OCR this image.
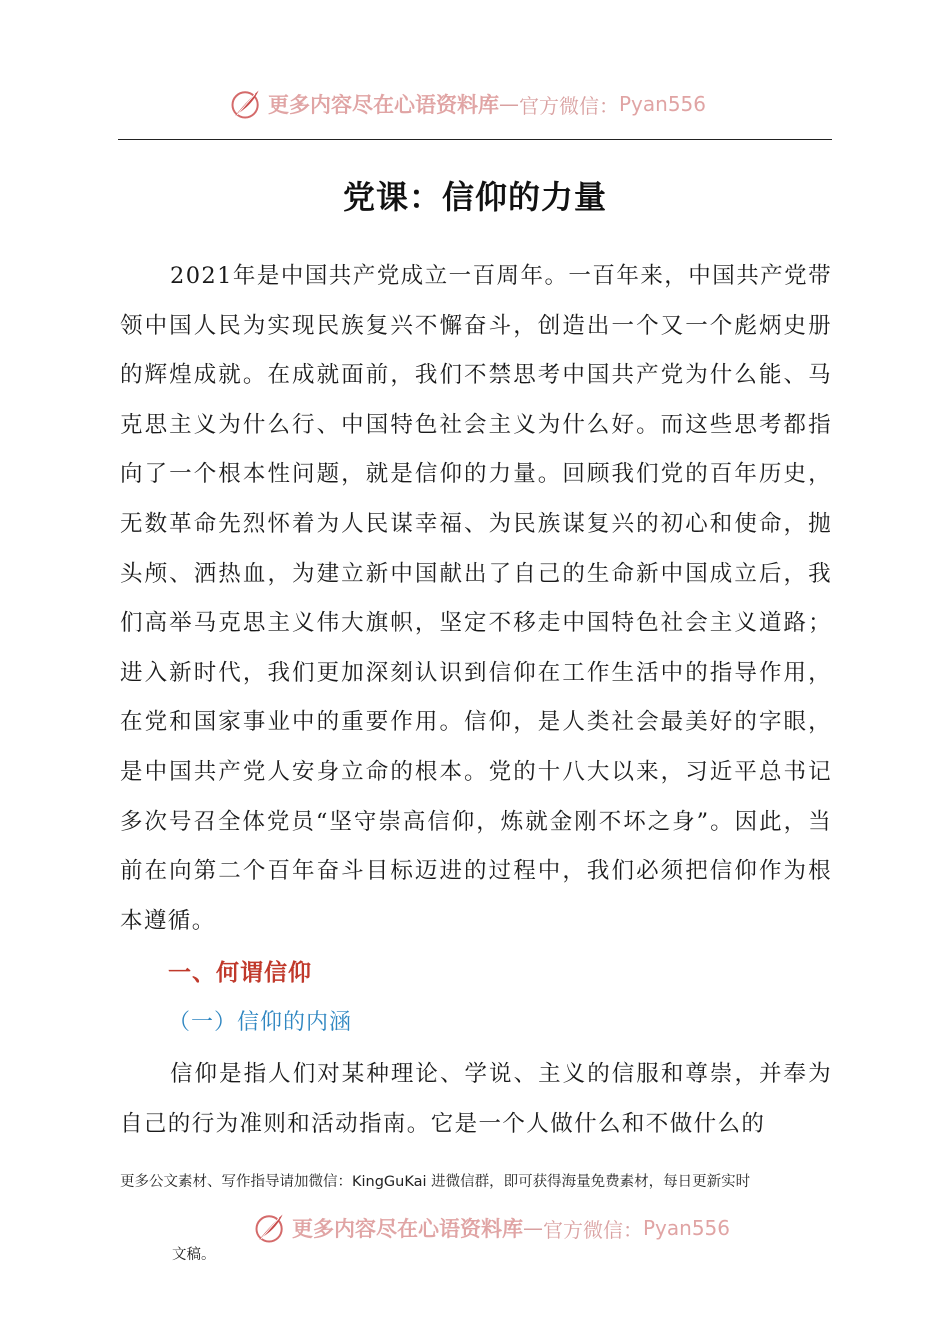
更多内容尽在心语资料库 — 官方微信： Pyan556
党课：信仰的力量

2021年是中国共产党成立一百周年。一百年来，中国共产党带领中国人民为实现民族复兴不懈奋斗，创造出一个又一个彪炳史册的辉煌成就。在成就面前，我们不禁思考中国共产党为什么能、马克思主义为什么行、中国特色社会主义为什么好。而这些思考都指向了一个根本性问题，就是信仰的力量。回顾我们党的百年历史，无数革命先烈怀着为人民谋幸福、为民族谋复兴的初心和使命，抛头颅、洒热血，为建立新中国献出了自己的生命新中国成立后，我们高举马克思主义伟大旗帜，坚定不移走中国特色社会主义道路；进入新时代，我们更加深刻认识到信仰在工作生活中的指导作用，在党和国家事业中的重要作用。信仰，是人类社会最美好的字眼，是中国共产党人安身立命的根本。党的十八大以来，习近平总书记多次号召全体党员“坚守崇高信仰，炼就金刚不坏之身”。因此，当前在向第二个百年奋斗目标迈进的过程中，我们必须把信仰作为根本遵循。

一、何谓信仰
（一）信仰的内涵

信仰是指人们对某种理论、学说、主义的信服和尊崇，并奉为自己的行为准则和活动指南。它是一个人做什么和不做什么的

更多公文素材、写作指导请加微信：KingGuKai 进微信群，即可获得海量免费素材，每日更新实时
更多内容尽在心语资料库 — 官方微信： Pyan556
文稿。
